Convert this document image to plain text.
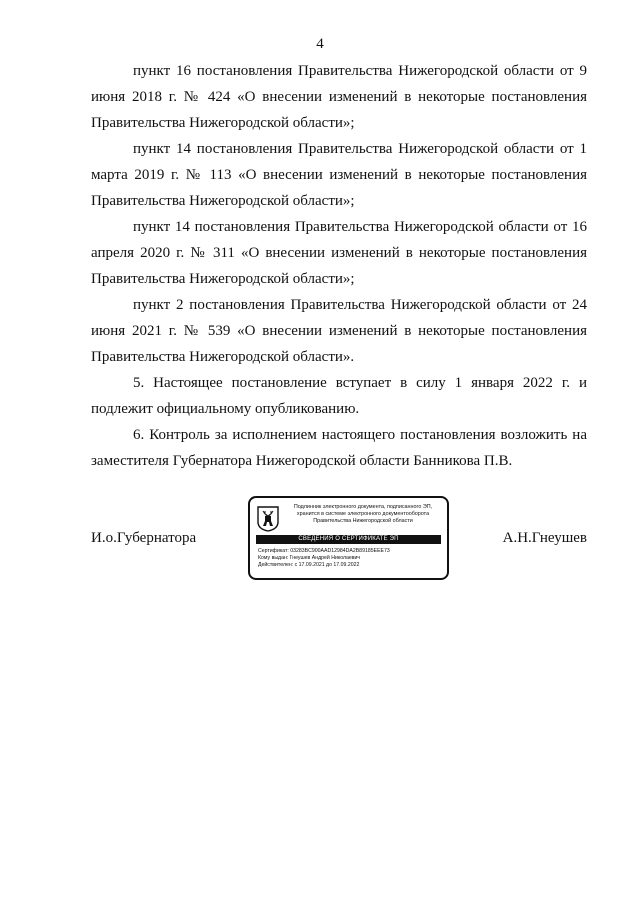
4

пункт 16 постановления Правительства Нижегородской области от 9 июня 2018 г. № 424 «О внесении изменений в некоторые постановления Правительства Нижегородской области»;

пункт 14 постановления Правительства Нижегородской области от 1 марта 2019 г. № 113 «О внесении изменений в некоторые постановления Правительства Нижегородской области»;

пункт 14 постановления Правительства Нижегородской области от 16 апреля 2020 г. № 311 «О внесении изменений в некоторые постановления Правительства Нижегородской области»;

пункт 2 постановления Правительства Нижегородской области от 24 июня 2021 г. № 539 «О внесении изменений в некоторые постановления Правительства Нижегородской области».

5. Настоящее постановление вступает в силу 1 января 2022 г. и подлежит официальному опубликованию.

6. Контроль за исполнением настоящего постановления возложить на заместителя Губернатора Нижегородской области Банникова П.В.

И.о.Губернатора
Подлинник электронного документа, подписанного ЭП,
хранится в системе электронного документооборота
Правительства Нижегородской области
СВЕДЕНИЯ О СЕРТИФИКАТЕ ЭП
Сертификат: 03283BC900AAD12984DA2B89185EEE73
Кому выдан: Гнеушев Андрей Николаевич
Действителен: с 17.09.2021 до 17.09.2022
А.Н.Гнеушев
